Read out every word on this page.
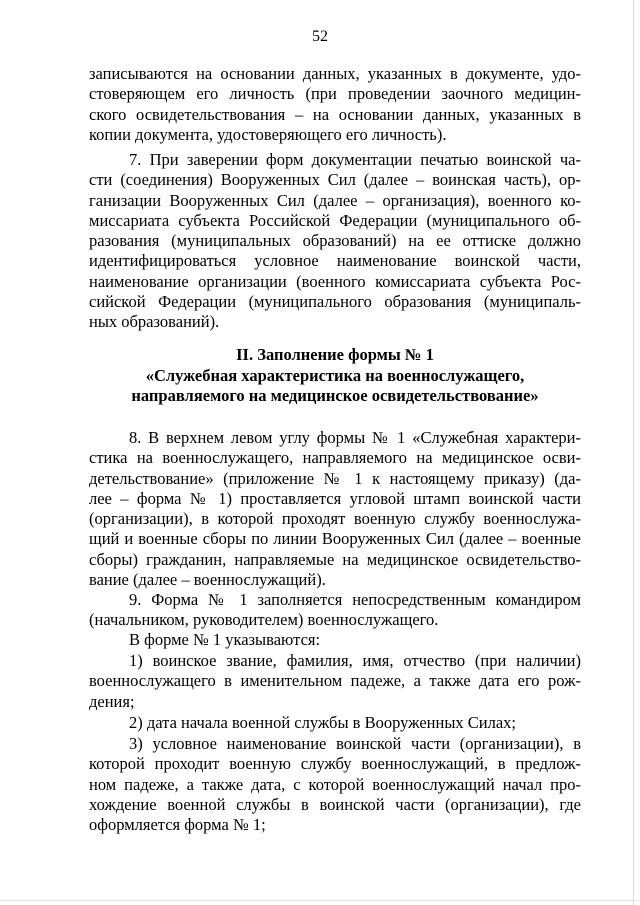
52
записываются на основании данных, указанных в документе, удо-
стоверяющем его личность (при проведении заочного медицин-
ского освидетельствования – на основании данных, указанных в
копии документа, удостоверяющего его личность).
7. При заверении форм документации печатью воинской ча-
сти (соединения) Вооруженных Сил (далее – воинская часть), ор-
ганизации Вооруженных Сил (далее – организация), военного ко-
миссариата субъекта Российской Федерации (муниципального об-
разования (муниципальных образований) на ее оттиске должно
идентифицироваться условное наименование воинской части,
наименование организации (военного комиссариата субъекта Рос-
сийской Федерации (муниципального образования (муниципаль-
ных образований).
II. Заполнение формы № 1
«Служебная характеристика на военнослужащего,
направляемого на медицинское освидетельствование»
8. В верхнем левом углу формы № 1 «Служебная характери-
стика на военнослужащего, направляемого на медицинское осви-
детельствование» (приложение № 1 к настоящему приказу) (да-
лее – форма № 1) проставляется угловой штамп воинской части
(организации), в которой проходят военную службу военнослужа-
щий и военные сборы по линии Вооруженных Сил (далее – военные
сборы) гражданин, направляемые на медицинское освидетельство-
вание (далее – военнослужащий).
9. Форма № 1 заполняется непосредственным командиром
(начальником, руководителем) военнослужащего.
В форме № 1 указываются:
1) воинское звание, фамилия, имя, отчество (при наличии)
военнослужащего в именительном падеже, а также дата его рож-
дения;
2) дата начала военной службы в Вооруженных Силах;
3) условное наименование воинской части (организации), в
которой проходит военную службу военнослужащий, в предлож-
ном падеже, а также дата, с которой военнослужащий начал про-
хождение военной службы в воинской части (организации), где
оформляется форма № 1;
